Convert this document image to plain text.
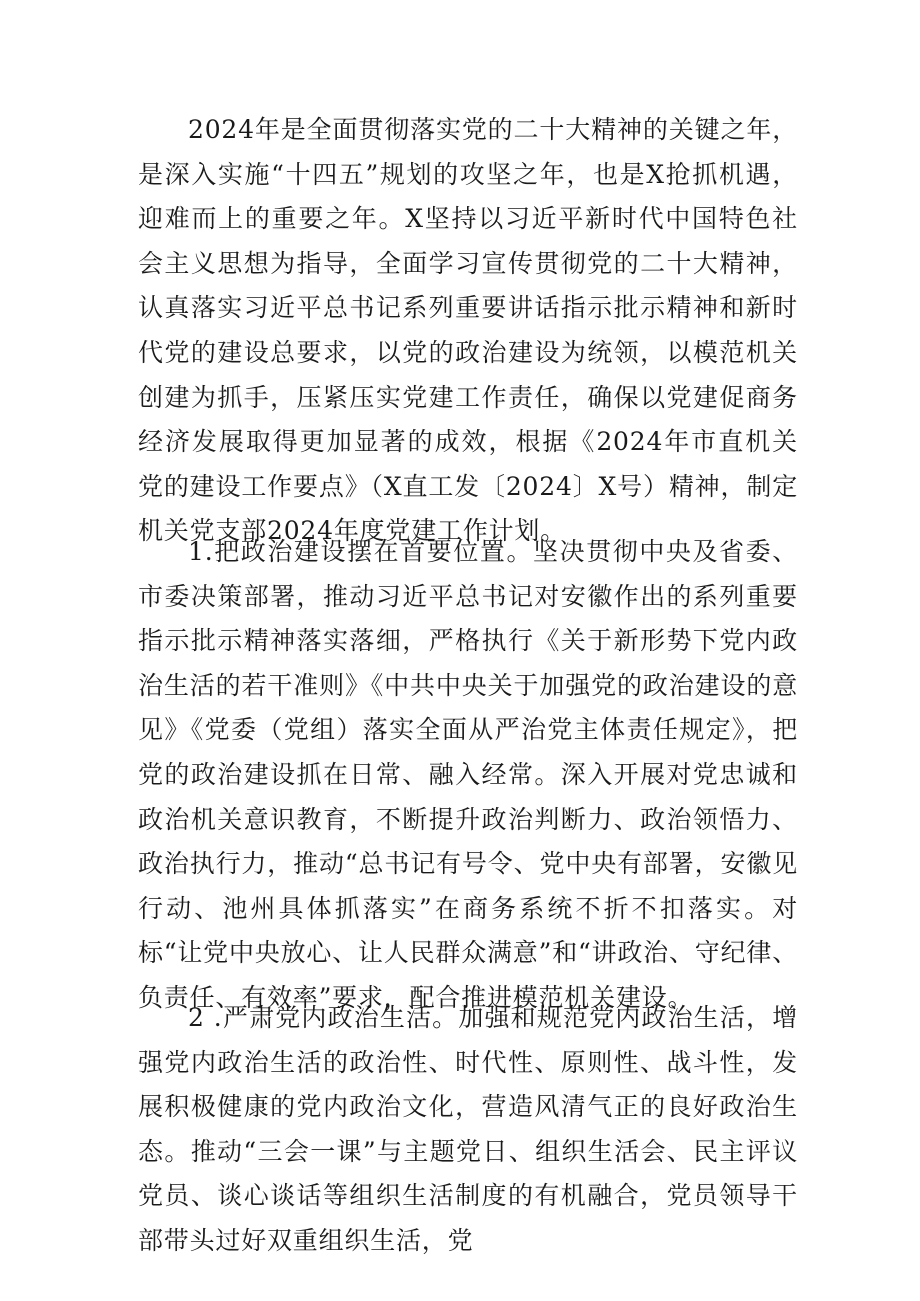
2024年是全面贯彻落实党的二十大精神的关键之年，是深入实施“十四五”规划的攻坚之年，也是X抢抓机遇，迎难而上的重要之年。X坚持以习近平新时代中国特色社会主义思想为指导，全面学习宣传贯彻党的二十大精神，认真落实习近平总书记系列重要讲话指示批示精神和新时代党的建设总要求，以党的政治建设为统领，以模范机关创建为抓手，压紧压实党建工作责任，确保以党建促商务经济发展取得更加显著的成效，根据《2024年市直机关党的建设工作要点》（X直工发〔2024〕X号）精神，制定机关党支部2024年度党建工作计划。

1.把政治建设摆在首要位置。坚决贯彻中央及省委、市委决策部署，推动习近平总书记对安徽作出的系列重要指示批示精神落实落细，严格执行《关于新形势下党内政治生活的若干准则》《中共中央关于加强党的政治建设的意见》《党委（党组）落实全面从严治党主体责任规定》，把党的政治建设抓在日常、融入经常。深入开展对党忠诚和政治机关意识教育，不断提升政治判断力、政治领悟力、政治执行力，推动“总书记有号令、党中央有部署，安徽见行动、池州具体抓落实”在商务系统不折不扣落实。对标“让党中央放心、让人民群众满意”和“讲政治、守纪律、负责任、有效率”要求，配合推进模范机关建设。

2 .严肃党内政治生活。加强和规范党内政治生活，增强党内政治生活的政治性、时代性、原则性、战斗性，发展积极健康的党内政治文化，营造风清气正的良好政治生态。推动“三会一课”与主题党日、组织生活会、民主评议党员、谈心谈话等组织生活制度的有机融合，党员领导干部带头过好双重组织生活，党
